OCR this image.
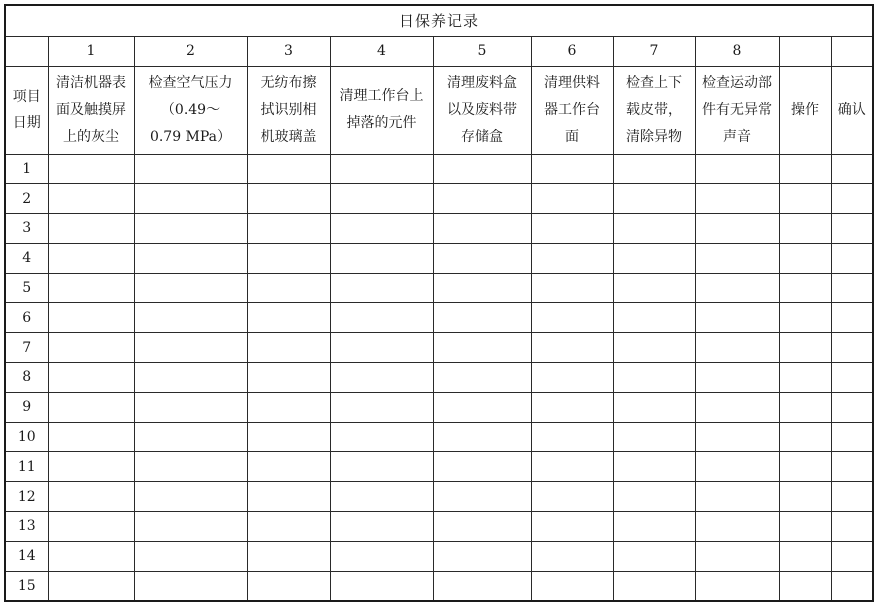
日保养记录										
	1	2	3	4	5	6	7	8		

项目
日期	清洁机器表
面及触摸屏
上的灰尘	检查空气压力
（0.49～
0.79 MPa）	无纺布擦
拭识别相
机玻璃盖	清理工作台上
掉落的元件	清理废料盒
以及废料带
存储盒	清理供料
器工作台
面	检查上下
载皮带，
清除异物	检查运动部
件有无异常
声音	操作	确认

1										
2										
3										
4										
5										
6										
7										
8										
9										
10										
11										
12										
13										
14										
15										
